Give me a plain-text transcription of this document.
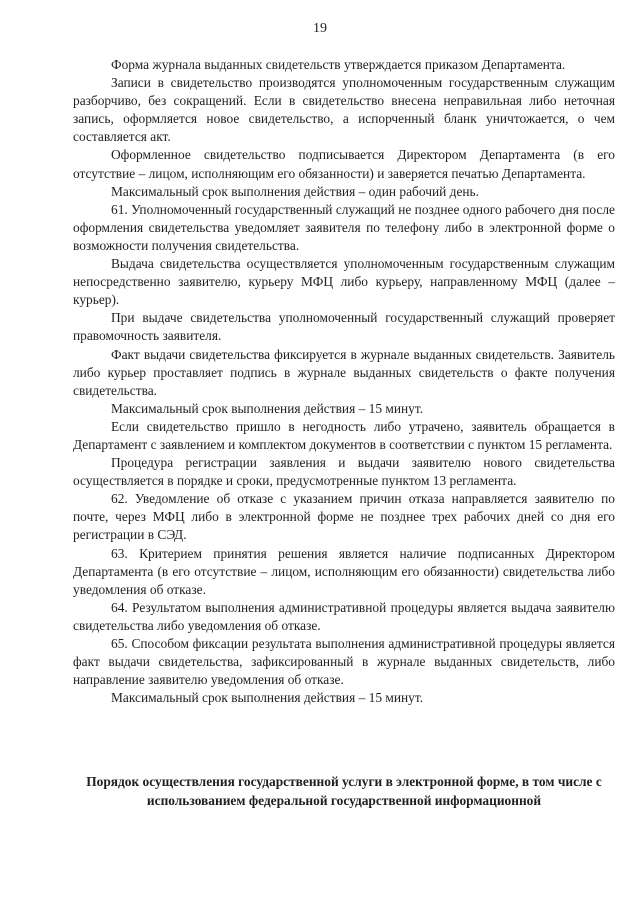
19

Форма журнала выданных свидетельств утверждается приказом Департамента.

Записи в свидетельство производятся уполномоченным государственным служащим разборчиво, без сокращений. Если в свидетельство внесена неправильная либо неточная запись, оформляется новое свидетельство, а испорченный бланк уничтожается, о чем составляется акт.

Оформленное свидетельство подписывается Директором Департамента (в его отсутствие – лицом, исполняющим его обязанности) и заверяется печатью Департамента.

Максимальный срок выполнения действия – один рабочий день.

61. Уполномоченный государственный служащий не позднее одного рабочего дня после оформления свидетельства уведомляет заявителя по телефону либо в электронной форме о возможности получения свидетельства.

Выдача свидетельства осуществляется уполномоченным государственным служащим непосредственно заявителю, курьеру МФЦ либо курьеру, направленному МФЦ (далее – курьер).

При выдаче свидетельства уполномоченный государственный служащий проверяет правомочность заявителя.

Факт выдачи свидетельства фиксируется в журнале выданных свидетельств. Заявитель либо курьер проставляет подпись в журнале выданных свидетельств о факте получения свидетельства.

Максимальный срок выполнения действия – 15 минут.

Если свидетельство пришло в негодность либо утрачено, заявитель обращается в Департамент с заявлением и комплектом документов в соответствии с пунктом 15 регламента.

Процедура регистрации заявления и выдачи заявителю нового свидетельства осуществляется в порядке и сроки, предусмотренные пунктом 13 регламента.

62. Уведомление об отказе с указанием причин отказа направляется заявителю по почте, через МФЦ либо в электронной форме не позднее трех рабочих дней со дня его регистрации в СЭД.

63. Критерием принятия решения является наличие подписанных Директором Департамента (в его отсутствие – лицом, исполняющим его обязанности) свидетельства либо уведомления об отказе.

64. Результатом выполнения административной процедуры является выдача заявителю свидетельства либо уведомления об отказе.

65. Способом фиксации результата выполнения административной процедуры является факт выдачи свидетельства, зафиксированный в журнале выданных свидетельств, либо направление заявителю уведомления об отказе.

Максимальный срок выполнения действия – 15 минут.

Порядок осуществления государственной услуги в электронной форме, в том числе с использованием федеральной государственной информационной
